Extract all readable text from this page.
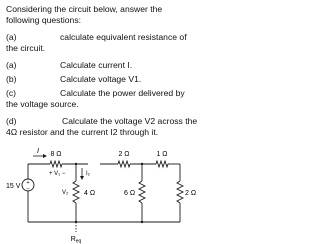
Considering the circuit below, answer the
following questions:
(a)	calculate equivalent resistance of
the circuit.
(a)	Calculate current I.
(b)	Calculate voltage V1.
(c)	Calculate the power delivered by
the voltage source.
(d)	Calculate the voltage V2 across the
4Ω resistor and the current I2 through it.
8 Ω	2 Ω	1 Ω
4 Ω	6 Ω	2 Ω
+
−
15 V
I
+ V₁ −
V₂
I₂
$R_{eq}$
